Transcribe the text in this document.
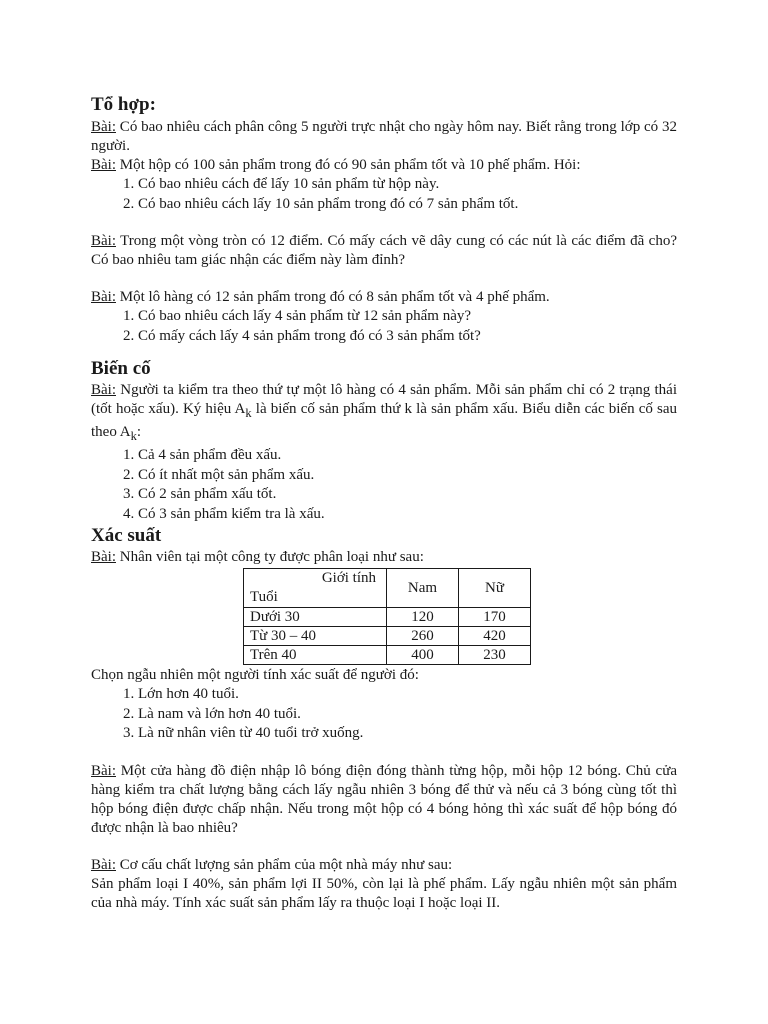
Tổ hợp:

Bài: Có bao nhiêu cách phân công 5 người trực nhật cho ngày hôm nay. Biết rằng trong lớp có 32 người.

Bài: Một hộp có 100 sản phẩm trong đó có 90 sản phẩm tốt và 10 phế phẩm. Hỏi:

1. Có bao nhiêu cách để lấy 10 sản phẩm từ hộp này.
2. Có bao nhiêu cách lấy 10 sản phẩm trong đó có 7 sản phẩm tốt.

Bài: Trong một vòng tròn có 12 điểm. Có mấy cách vẽ dây cung có các nút là các điểm đã cho? Có bao nhiêu tam giác nhận các điểm này làm đỉnh?

Bài: Một lô hàng có 12 sản phẩm trong đó có 8 sản phẩm tốt và 4 phế phẩm.

1. Có bao nhiêu cách lấy 4 sản phẩm từ 12 sản phẩm này?
2. Có mấy cách lấy 4 sản phẩm trong đó có 3 sản phẩm tốt?
Biến cố

Bài: Người ta kiểm tra theo thứ tự một lô hàng có 4 sản phẩm. Mỗi sản phẩm chỉ có 2 trạng thái (tốt hoặc xấu). Ký hiệu $A_k$ là biến cố sản phẩm thứ k là sản phẩm xấu. Biểu diễn các biến cố sau theo $A_k$:

1. Cả 4 sản phẩm đều xấu.
2. Có ít nhất một sản phẩm xấu.
3. Có 2 sản phẩm xấu tốt.
4. Có 3 sản phẩm kiểm tra là xấu.
Xác suất

Bài: Nhân viên tại một công ty được phân loại như sau:

Giới tính
Tuổi	Nam	Nữ
Dưới 30	120	170
Từ 30 – 40	260	420
Trên 40	400	230

Chọn ngẫu nhiên một người tính xác suất để người đó:

1. Lớn hơn 40 tuổi.
2. Là nam và lớn hơn 40 tuổi.
3. Là nữ nhân viên từ 40 tuổi trở xuống.

Bài: Một cửa hàng đồ điện nhập lô bóng điện đóng thành từng hộp, mỗi hộp 12 bóng. Chủ cửa hàng kiểm tra chất lượng bằng cách lấy ngẫu nhiên 3 bóng để thử và nếu cả 3 bóng cùng tốt thì hộp bóng điện được chấp nhận. Nếu trong một hộp có 4 bóng hỏng thì xác suất để hộp bóng đó được nhận là bao nhiêu?

Bài: Cơ cấu chất lượng sản phẩm của một nhà máy như sau:

Sản phẩm loại I 40%, sản phẩm lợi II 50%, còn lại là phế phẩm. Lấy ngẫu nhiên một sản phẩm của nhà máy. Tính xác suất sản phẩm lấy ra thuộc loại I hoặc loại II.
